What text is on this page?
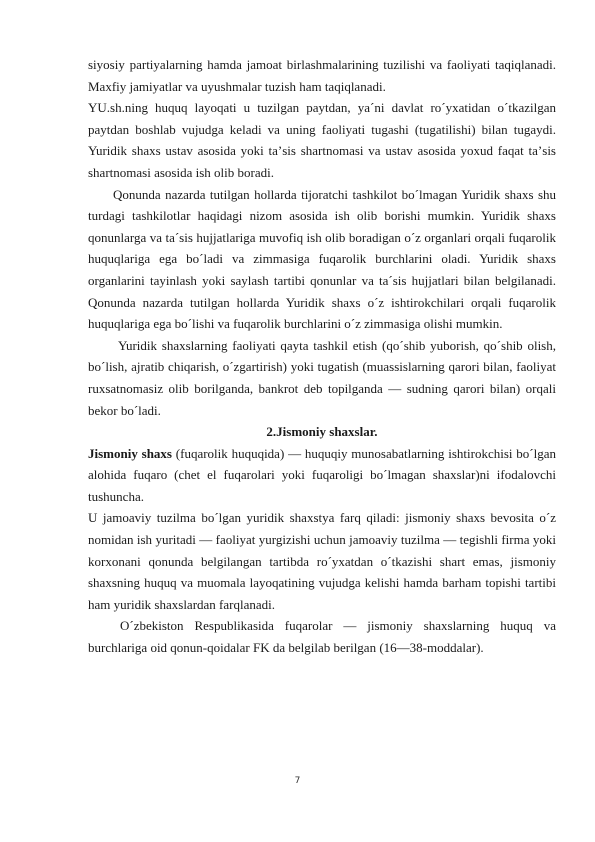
siyosiy partiyalarning hamda jamoat birlashmalarining tuzilishi va faoliyati taqiqlanadi. Maxfiy jamiyatlar va uyushmalar tuzish ham taqiqlanadi.

YU.sh.ning huquq layoqati u tuzilgan paytdan, ya´ni davlat ro´yxatidan o´tkazilgan paytdan boshlab vujudga keladi va uning faoliyati tugashi (tugatilishi) bilan tugaydi. Yuridik shaxs ustav asosida yoki taʼsis shartnomasi va ustav asosida yoxud faqat taʼsis shartnomasi asosida ish olib boradi.

Qonunda nazarda tutilgan hollarda tijoratchi tashkilot bo´lmagan Yuridik shaxs shu turdagi tashkilotlar haqidagi nizom asosida ish olib borishi mumkin. Yuridik shaxs qonunlarga va ta´sis hujjatlariga muvofiq ish olib boradigan o´z organlari orqali fuqarolik huquqlariga ega bo´ladi va zimmasiga fuqarolik burchlarini oladi. Yuridik shaxs organlarini tayinlash yoki saylash tartibi qonunlar va ta´sis hujjatlari bilan belgilanadi. Qonunda nazarda tutilgan hollarda Yuridik shaxs o´z ishtirokchilari orqali fuqarolik huquqlariga ega bo´lishi va fuqarolik burchlarini o´z zimmasiga olishi mumkin.

Yuridik shaxslarning faoliyati qayta tashkil etish (qo´shib yuborish, qo´shib olish, bo´lish, ajratib chiqarish, o´zgartirish) yoki tugatish (muassislarning qarori bilan, faoliyat ruxsatnomasiz olib borilganda, bankrot deb topilganda — sudning qarori bilan) orqali bekor bo´ladi.

2.Jismoniy shaxslar.

Jismoniy shaxs (fuqarolik huquqida) — huquqiy munosabatlarning ishtirokchisi bo´lgan alohida fuqaro (chet el fuqarolari yoki fuqaroligi bo´lmagan shaxslar)ni ifodalovchi tushuncha.

U jamoaviy tuzilma bo´lgan yuridik shaxstya farq qiladi: jismoniy shaxs bevosita o´z nomidan ish yuritadi — faoliyat yurgizishi uchun jamoaviy tuzilma — tegishli firma yoki korxonani qonunda belgilangan tartibda ro´yxatdan o´tkazishi shart emas, jismoniy shaxsning huquq va muomala layoqatining vujudga kelishi hamda barham topishi tartibi ham yuridik shaxslardan farqlanadi.

O´zbekiston Respublikasida fuqarolar — jismoniy shaxslarning huquq va burchlariga oid qonun-qoidalar FK da belgilab berilgan (16—38-moddalar).

7
